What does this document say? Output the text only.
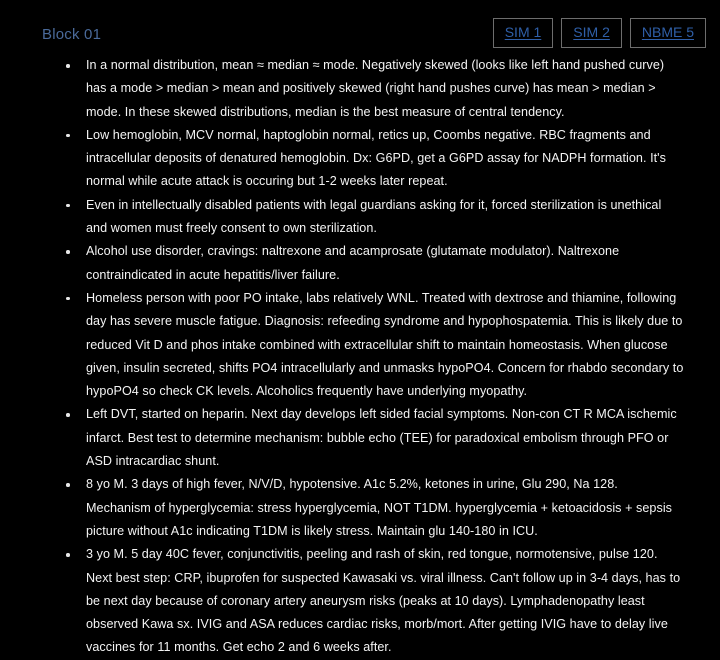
Block 01	SIM 1 SIM 2 NBME 5
In a normal distribution, mean ≈ median ≈ mode. Negatively skewed (looks like left hand pushed curve) has a mode > median > mean and positively skewed (right hand pushes curve) has mean > median > mode. In these skewed distributions, median is the best measure of central tendency.
Low hemoglobin, MCV normal, haptoglobin normal, retics up, Coombs negative. RBC fragments and intracellular deposits of denatured hemoglobin. Dx: G6PD, get a G6PD assay for NADPH formation. It's normal while acute attack is occuring but 1-2 weeks later repeat.
Even in intellectually disabled patients with legal guardians asking for it, forced sterilization is unethical and women must freely consent to own sterilization.
Alcohol use disorder, cravings: naltrexone and acamprosate (glutamate modulator). Naltrexone contraindicated in acute hepatitis/liver failure.
Homeless person with poor PO intake, labs relatively WNL. Treated with dextrose and thiamine, following day has severe muscle fatigue. Diagnosis: refeeding syndrome and hypophospatemia. This is likely due to reduced Vit D and phos intake combined with extracellular shift to maintain homeostasis. When glucose given, insulin secreted, shifts PO4 intracellularly and unmasks hypoPO4. Concern for rhabdo secondary to hypoPO4 so check CK levels. Alcoholics frequently have underlying myopathy.
Left DVT, started on heparin. Next day develops left sided facial symptoms. Non-con CT R MCA ischemic infarct. Best test to determine mechanism: bubble echo (TEE) for paradoxical embolism through PFO or ASD intracardiac shunt.
8 yo M. 3 days of high fever, N/V/D, hypotensive. A1c 5.2%, ketones in urine, Glu 290, Na 128. Mechanism of hyperglycemia: stress hyperglycemia, NOT T1DM. hyperglycemia + ketoacidosis + sepsis picture without A1c indicating T1DM is likely stress. Maintain glu 140-180 in ICU.
3 yo M. 5 day 40C fever, conjunctivitis, peeling and rash of skin, red tongue, normotensive, pulse 120. Next best step: CRP, ibuprofen for suspected Kawasaki vs. viral illness. Can't follow up in 3-4 days, has to be next day because of coronary artery aneurysm risks (peaks at 10 days). Lymphadenopathy least observed Kawa sx. IVIG and ASA reduces cardiac risks, morb/mort. After getting IVIG have to delay live vaccines for 11 months. Get echo 2 and 6 weeks after.
